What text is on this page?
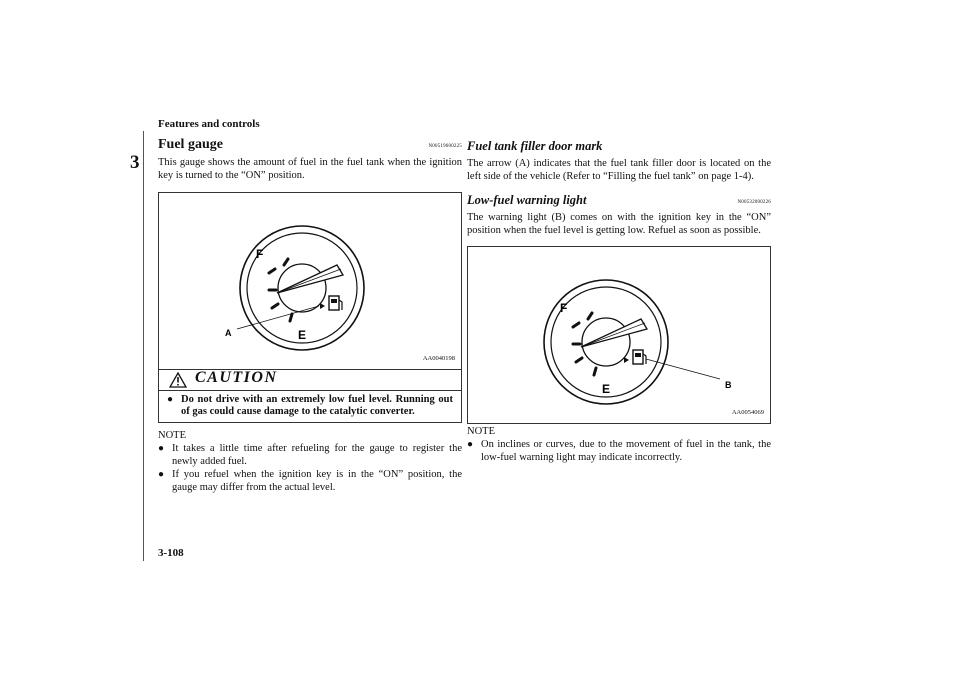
Features and controls
3
3-108
Fuel gauge	N00519600225

This gauge shows the amount of fuel in the fuel tank when the ignition key is turned to the “ON” position.

F
E
A
AA0040198
CAUTION
● Do not drive with an extremely low fuel level. Running out of gas could cause damage to the catalytic converter.
NOTE
● It takes a little time after refueling for the gauge to register the newly added fuel.

● If you refuel when the ignition key is in the “ON” position, the gauge may differ from the actual level.

Fuel tank filler door mark

The arrow (A) indicates that the fuel tank filler door is located on the left side of the vehicle (Refer to “Filling the fuel tank” on page 1-4).

Low-fuel warning light	N00532000226

The warning light (B) comes on with the ignition key in the “ON” position when the fuel level is getting low. Refuel as soon as possible.

F
E	B
AA0054069
NOTE
● On inclines or curves, due to the movement of fuel in the tank, the low-fuel warning light may indicate incorrectly.
